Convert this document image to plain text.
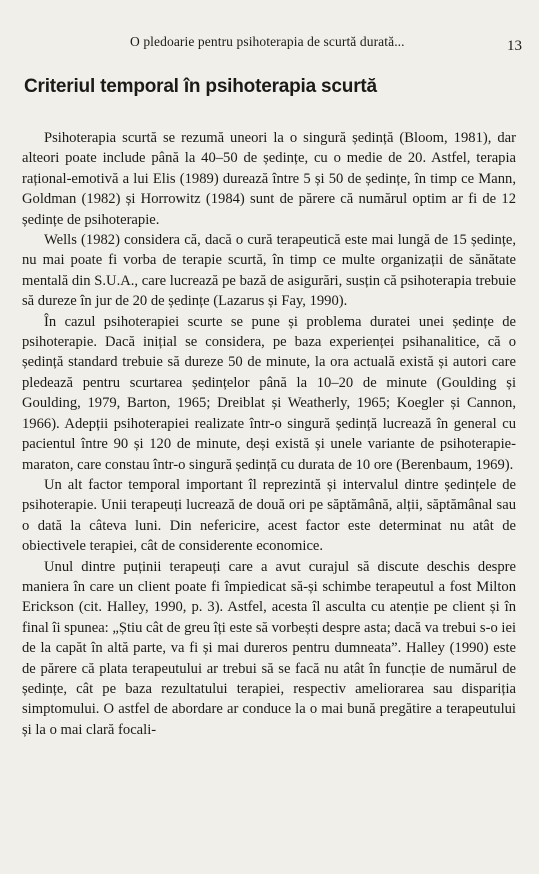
O pledoarie pentru psihoterapia de scurtă durată...	13
Criteriul temporal în psihoterapia scurtă

Psihoterapia scurtă se rezumă uneori la o singură ședință (Bloom, 1981), dar alteori poate include până la 40–50 de ședințe, cu o medie de 20. Astfel, terapia rațional-emotivă a lui Elis (1989) durează între 5 și 50 de ședințe, în timp ce Mann, Goldman (1982) și Horrowitz (1984) sunt de părere că numărul optim ar fi de 12 ședințe de psihoterapie.

Wells (1982) considera că, dacă o cură terapeutică este mai lungă de 15 ședințe, nu mai poate fi vorba de terapie scurtă, în timp ce multe organizații de sănătate mentală din S.U.A., care lucrează pe bază de asigurări, susțin că psihoterapia trebuie să dureze în jur de 20 de ședințe (Lazarus și Fay, 1990).

În cazul psihoterapiei scurte se pune și problema duratei unei ședințe de psihoterapie. Dacă inițial se considera, pe baza experienței psihanalitice, că o ședință standard trebuie să dureze 50 de minute, la ora actuală există și autori care pledează pentru scurtarea ședințelor până la 10–20 de minute (Goulding și Goulding, 1979, Barton, 1965; Dreiblat și Weatherly, 1965; Koegler și Cannon, 1966). Adepții psihoterapiei realizate într-o singură ședință lucrează în general cu pacientul între 90 și 120 de minute, deși există și unele variante de psihoterapie-maraton, care constau într-o singură ședință cu durata de 10 ore (Berenbaum, 1969).

Un alt factor temporal important îl reprezintă și intervalul dintre ședințele de psihoterapie. Unii terapeuți lucrează de două ori pe săptămână, alții, săptămânal sau o dată la câteva luni. Din nefericire, acest factor este determinat nu atât de obiectivele terapiei, cât de considerente economice.

Unul dintre puținii terapeuți care a avut curajul să discute deschis despre maniera în care un client poate fi împiedicat să-și schimbe terapeutul a fost Milton Erickson (cit. Halley, 1990, p. 3). Astfel, acesta îl asculta cu atenție pe client și în final îi spunea: „Știu cât de greu îți este să vorbești despre asta; dacă va trebui s-o iei de la capăt în altă parte, va fi și mai dureros pentru dumneata”. Halley (1990) este de părere că plata terapeutului ar trebui să se facă nu atât în funcție de numărul de ședințe, cât pe baza rezultatului terapiei, respectiv ameliorarea sau dispariția simptomului. O astfel de abordare ar conduce la o mai bună pregătire a terapeutului și la o mai clară focali-
